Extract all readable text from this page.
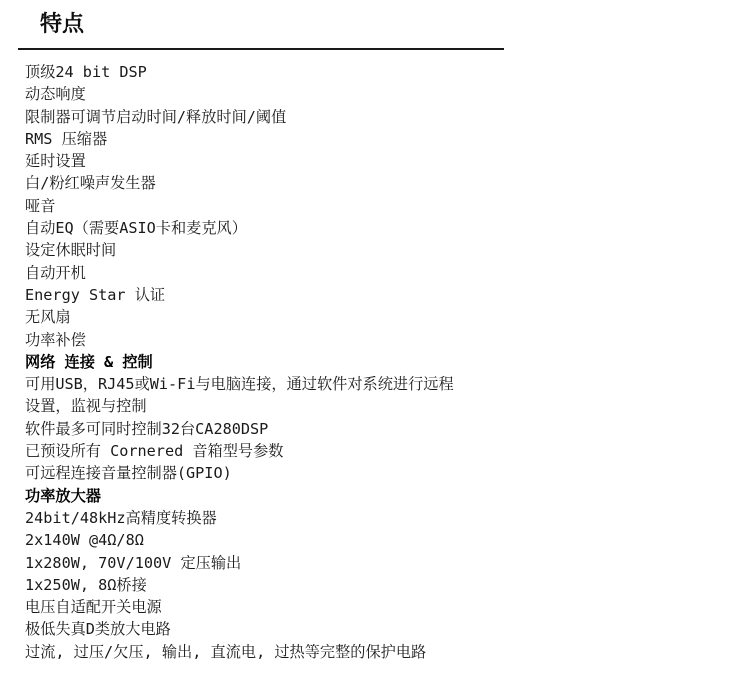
特点
顶级24 bit DSP
动态响度
限制器可调节启动时间/释放时间/阈值
RMS 压缩器
延时设置
白/粉红噪声发生器
哑音
自动EQ（需要ASIO卡和麦克风）
设定休眠时间
自动开机
Energy Star 认证
无风扇
功率补偿
网络 连接 & 控制
可用USB，RJ45或Wi-Fi与电脑连接，通过软件对系统进行远程
设置，监视与控制
软件最多可同时控制32台CA280DSP
已预设所有 Cornered 音箱型号参数
可远程连接音量控制器(GPIO)
功率放大器
24bit/48kHz高精度转换器
2x140W @4Ω/8Ω
1x280W, 70V/100V 定压输出
1x250W, 8Ω桥接
电压自适配开关电源
极低失真D类放大电路
过流, 过压/欠压, 输出, 直流电, 过热等完整的保护电路
